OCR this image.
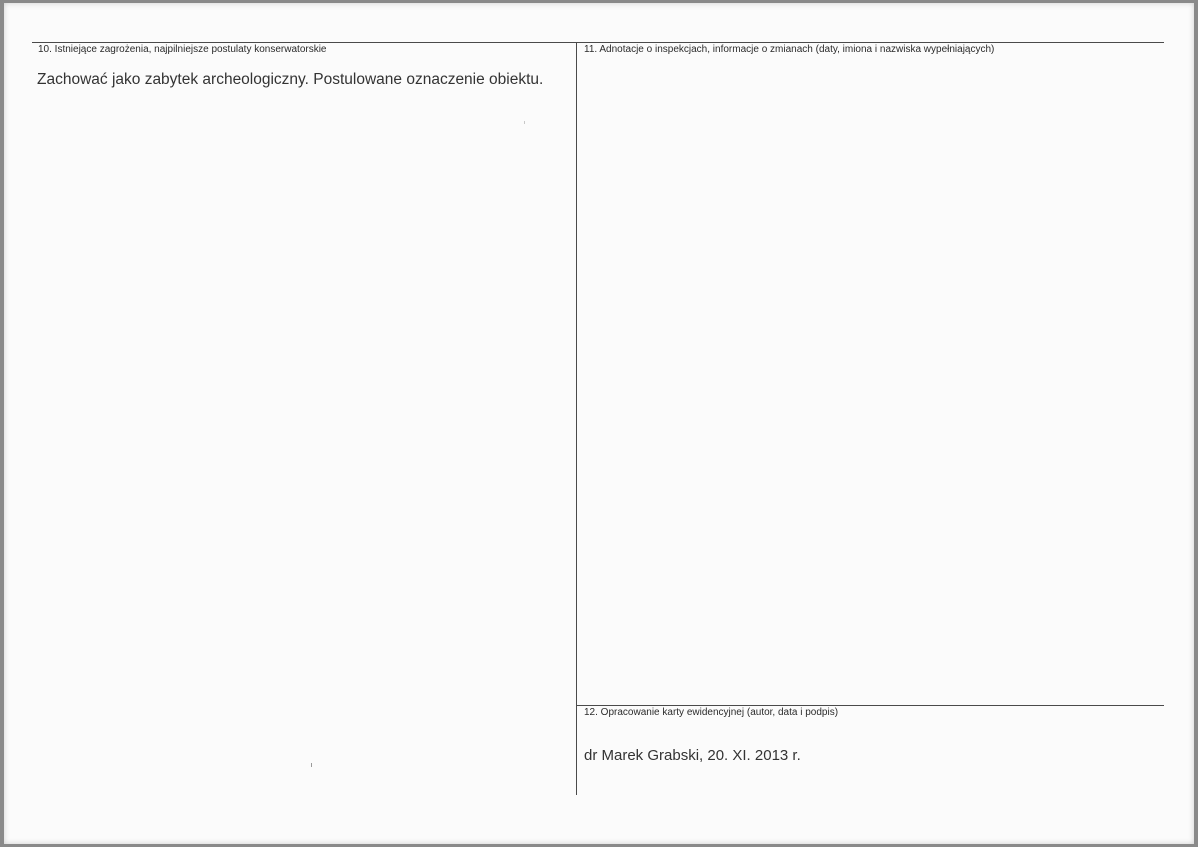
10. Istniejące zagrożenia, najpilniejsze postulaty konserwatorskie
Zachować jako zabytek archeologiczny. Postulowane oznaczenie obiektu.
11. Adnotacje o inspekcjach, informacje o zmianach (daty, imiona i nazwiska wypełniających)
12. Opracowanie karty ewidencyjnej (autor, data i podpis)
dr Marek Grabski, 20. XI. 2013 r.
